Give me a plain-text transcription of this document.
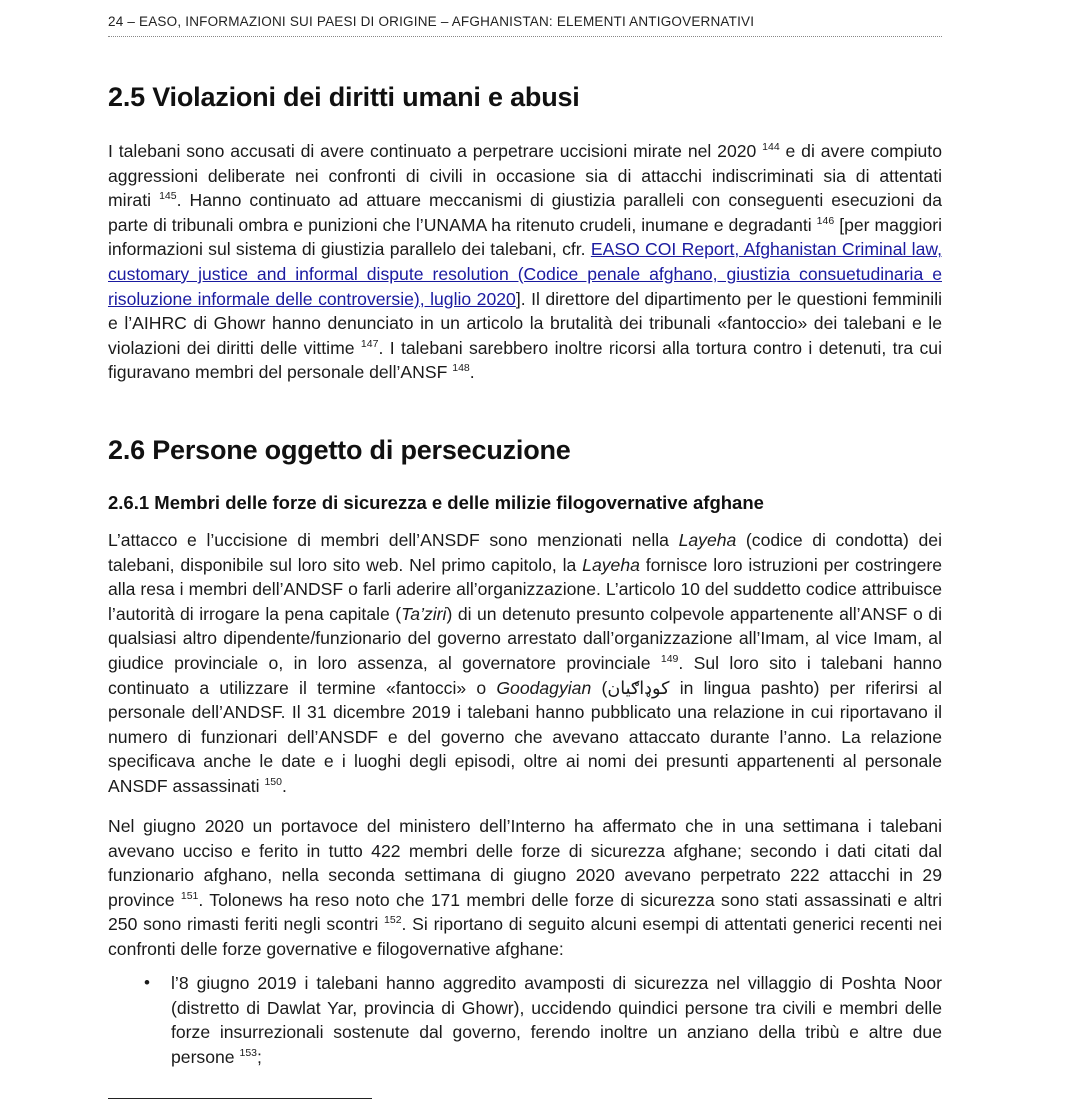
24 – EASO, INFORMAZIONI SUI PAESI DI ORIGINE – AFGHANISTAN: ELEMENTI ANTIGOVERNATIVI
2.5 Violazioni dei diritti umani e abusi

I talebani sono accusati di avere continuato a perpetrare uccisioni mirate nel 2020 $^{144}$ e di avere compiuto aggressioni deliberate nei confronti di civili in occasione sia di attacchi indiscriminati sia di attentati mirati $^{145}$. Hanno continuato ad attuare meccanismi di giustizia paralleli con conseguenti esecuzioni da parte di tribunali ombra e punizioni che l’UNAMA ha ritenuto crudeli, inumane e degradanti $^{146}$ [per maggiori informazioni sul sistema di giustizia parallelo dei talebani, cfr. EASO COI Report, Afghanistan Criminal law, customary justice and informal dispute resolution (Codice penale afghano, giustizia consuetudinaria e risoluzione informale delle controversie), luglio 2020]. Il direttore del dipartimento per le questioni femminili e l’AIHRC di Ghowr hanno denunciato in un articolo la brutalità dei tribunali «fantoccio» dei talebani e le violazioni dei diritti delle vittime $^{147}$. I talebani sarebbero inoltre ricorsi alla tortura contro i detenuti, tra cui figuravano membri del personale dell’ANSF $^{148}$.

2.6 Persone oggetto di persecuzione
2.6.1 Membri delle forze di sicurezza e delle milizie filogovernative afghane

L’attacco e l’uccisione di membri dell’ANSDF sono menzionati nella Layeha (codice di condotta) dei talebani, disponibile sul loro sito web. Nel primo capitolo, la Layeha fornisce loro istruzioni per costringere alla resa i membri dell’ANDSF o farli aderire all’organizzazione. L’articolo 10 del suddetto codice attribuisce l’autorità di irrogare la pena capitale (Ta’ziri) di un detenuto presunto colpevole appartenente all’ANSF o di qualsiasi altro dipendente/funzionario del governo arrestato dall’organizzazione all’Imam, al vice Imam, al giudice provinciale o, in loro assenza, al governatore provinciale $^{149}$. Sul loro sito i talebani hanno continuato a utilizzare il termine «fantocci» o Goodagyian (کوډاګیان in lingua pashto) per riferirsi al personale dell’ANDSF. Il 31 dicembre 2019 i talebani hanno pubblicato una relazione in cui riportavano il numero di funzionari dell’ANSDF e del governo che avevano attaccato durante l’anno. La relazione specificava anche le date e i luoghi degli episodi, oltre ai nomi dei presunti appartenenti al personale ANSDF assassinati $^{150}$.

Nel giugno 2020 un portavoce del ministero dell’Interno ha affermato che in una settimana i talebani avevano ucciso e ferito in tutto 422 membri delle forze di sicurezza afghane; secondo i dati citati dal funzionario afghano, nella seconda settimana di giugno 2020 avevano perpetrato 222 attacchi in 29 province $^{151}$. Tolonews ha reso noto che 171 membri delle forze di sicurezza sono stati assassinati e altri 250 sono rimasti feriti negli scontri $^{152}$. Si riportano di seguito alcuni esempi di attentati generici recenti nei confronti delle forze governative e filogovernative afghane:

• l’8 giugno 2019 i talebani hanno aggredito avamposti di sicurezza nel villaggio di Poshta Noor (distretto di Dawlat Yar, provincia di Ghowr), uccidendo quindici persone tra civili e membri delle forze insurrezionali sostenute dal governo, ferendo inoltre un anziano della tribù e altre due persone $^{153}$;
